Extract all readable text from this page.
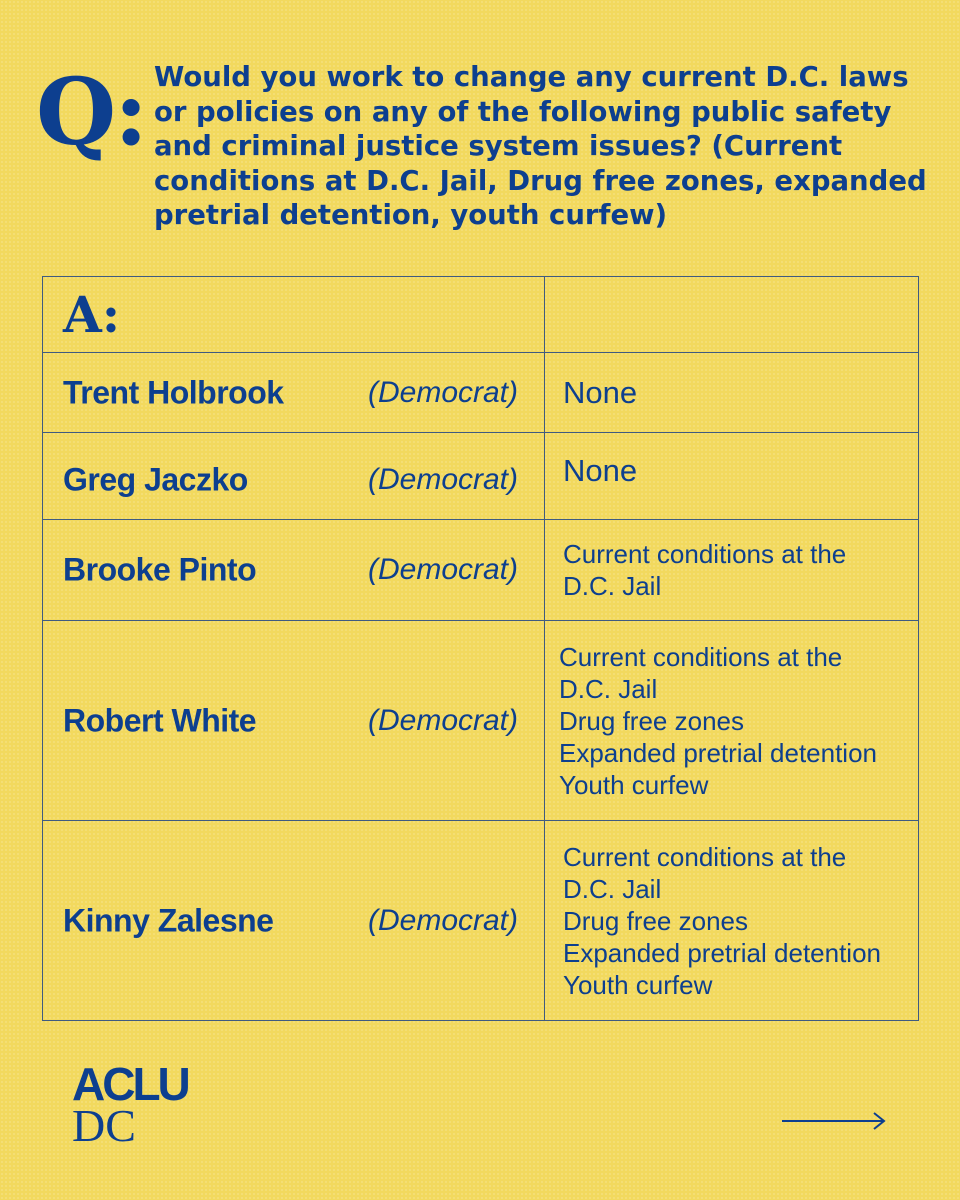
Q: Would you work to change any current D.C. laws or policies on any of the following public safety and criminal justice system issues? (Current conditions at D.C. Jail, Drug free zones, expanded pretrial detention, youth curfew)
A:	

Trent Holbrook (Democrat)	None

Greg Jaczko (Democrat)	None

Brooke Pinto (Democrat)	Current conditions at the
D.C. Jail

Robert White (Democrat)	Current conditions at the
D.C. Jail
Drug free zones
Expanded pretrial detention
Youth curfew

Kinny Zalesne (Democrat)	Current conditions at the
D.C. Jail
Drug free zones
Expanded pretrial detention
Youth curfew
ACLU
DC
